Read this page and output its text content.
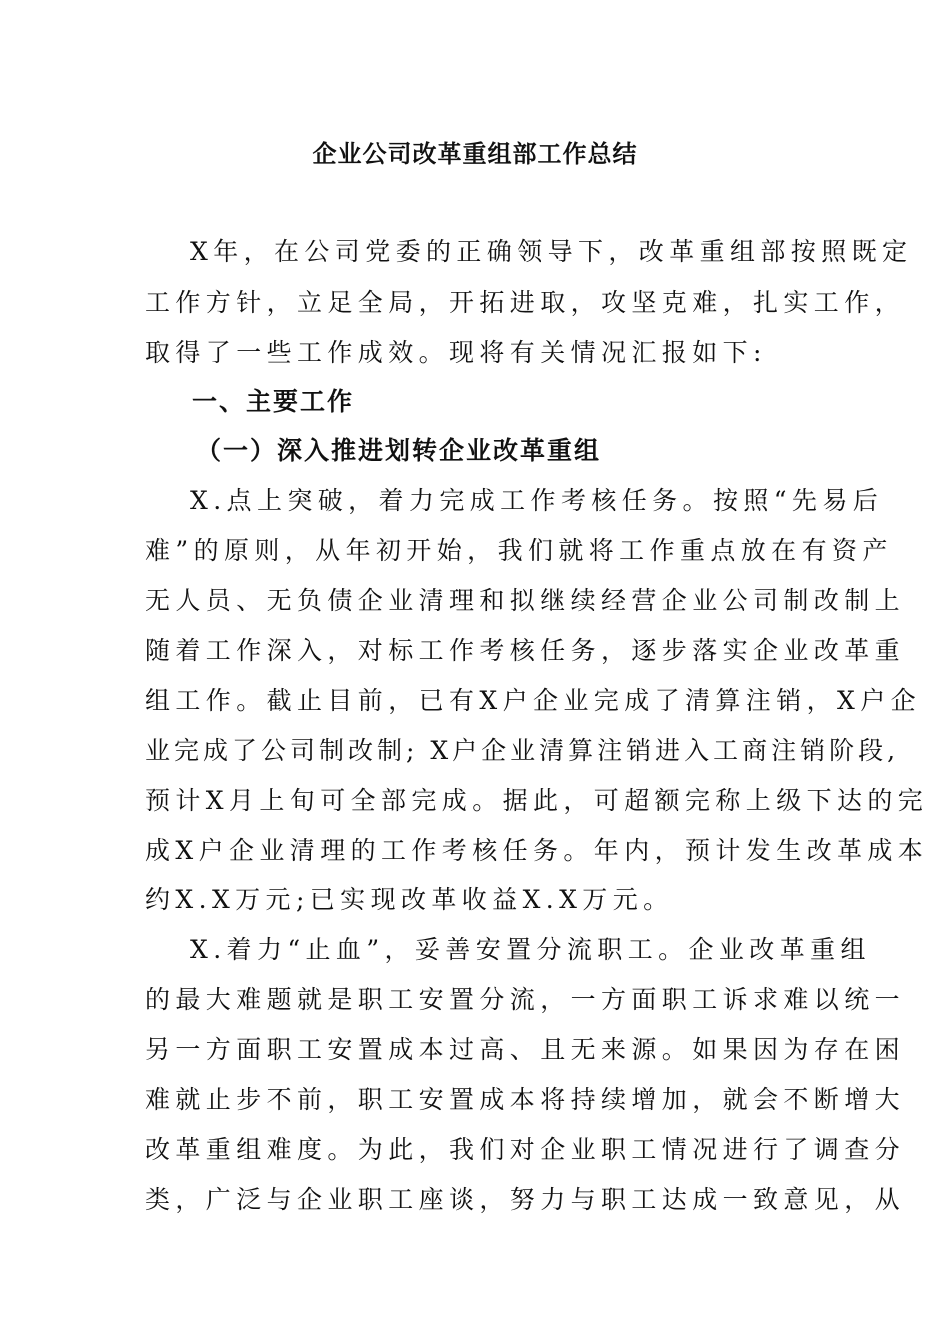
企业公司改革重组部工作总结
X年，在公司党委的正确领导下，改革重组部按照既定
工作方针，立足全局，开拓进取，攻坚克难，扎实工作，
取得了一些工作成效。现将有关情况汇报如下:
一、主要工作
（一）深入推进划转企业改革重组
X.点上突破，着力完成工作考核任务。按照“先易后
难”的原则，从年初开始，我们就将工作重点放在有资产
无人员、无负债企业清理和拟继续经营企业公司制改制上
随着工作深入，对标工作考核任务，逐步落实企业改革重
组工作。截止目前，已有X户企业完成了清算注销，X户企
业完成了公司制改制; X户企业清算注销进入工商注销阶段,
预计X月上旬可全部完成。据此，可超额完称上级下达的完
成X户企业清理的工作考核任务。年内，预计发生改革成本
约X.X万元;已实现改革收益X.X万元。
X.着力“止血”，妥善安置分流职工。企业改革重组
的最大难题就是职工安置分流，一方面职工诉求难以统一
另一方面职工安置成本过高、且无来源。如果因为存在困
难就止步不前，职工安置成本将持续增加，就会不断增大
改革重组难度。为此，我们对企业职工情况进行了调查分
类，广泛与企业职工座谈，努力与职工达成一致意见，从
